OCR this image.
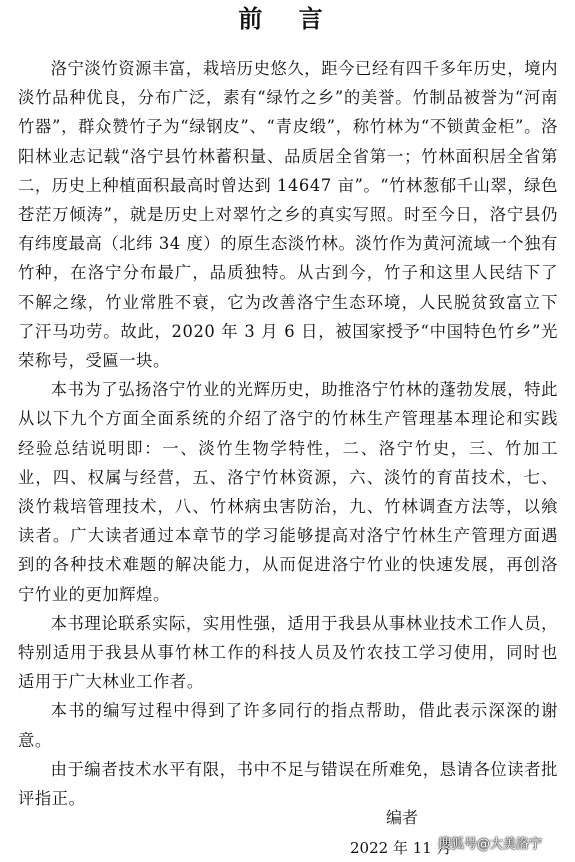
前 言

洛宁淡竹资源丰富，栽培历史悠久，距今已经有四千多年历史，境内淡竹品种优良，分布广泛，素有“绿竹之乡”的美誉。竹制品被誉为“河南竹器”，群众赞竹子为“绿钢皮”、“青皮缎”，称竹林为“不锁黄金柜”。洛阳林业志记载“洛宁县竹林蓄积量、品质居全省第一；竹林面积居全省第二，历史上种植面积最高时曾达到 14647 亩”。“竹林葱郁千山翠，绿色苍茫万倾涛”，就是历史上对翠竹之乡的真实写照。时至今日，洛宁县仍有纬度最高（北纬 34 度）的原生态淡竹林。淡竹作为黄河流域一个独有竹种，在洛宁分布最广，品质独特。从古到今，竹子和这里人民结下了不解之缘，竹业常胜不衰，它为改善洛宁生态环境，人民脱贫致富立下了汗马功劳。故此，2020 年 3 月 6 日，被国家授予“中国特色竹乡”光荣称号，受匾一块。

本书为了弘扬洛宁竹业的光辉历史，助推洛宁竹林的蓬勃发展，特此从以下九个方面全面系统的介绍了洛宁的竹林生产管理基本理论和实践经验总结说明即：一、淡竹生物学特性，二、洛宁竹史，三、竹加工业，四、权属与经营，五、洛宁竹林资源，六、淡竹的育苗技术，七、淡竹栽培管理技术，八、竹林病虫害防治，九、竹林调查方法等，以飨读者。广大读者通过本章节的学习能够提高对洛宁竹林生产管理方面遇到的各种技术难题的解决能力，从而促进洛宁竹业的快速发展，再创洛宁竹业的更加辉煌。

本书理论联系实际，实用性强，适用于我县从事林业技术工作人员，特别适用于我县从事竹林工作的科技人员及竹农技工学习使用，同时也适用于广大林业工作者。

本书的编写过程中得到了许多同行的指点帮助，借此表示深深的谢意。

由于编者技术水平有限，书中不足与错误在所难免，恳请各位读者批评指正。

编者
2022 年 11 月
搜狐号@大美洛宁
